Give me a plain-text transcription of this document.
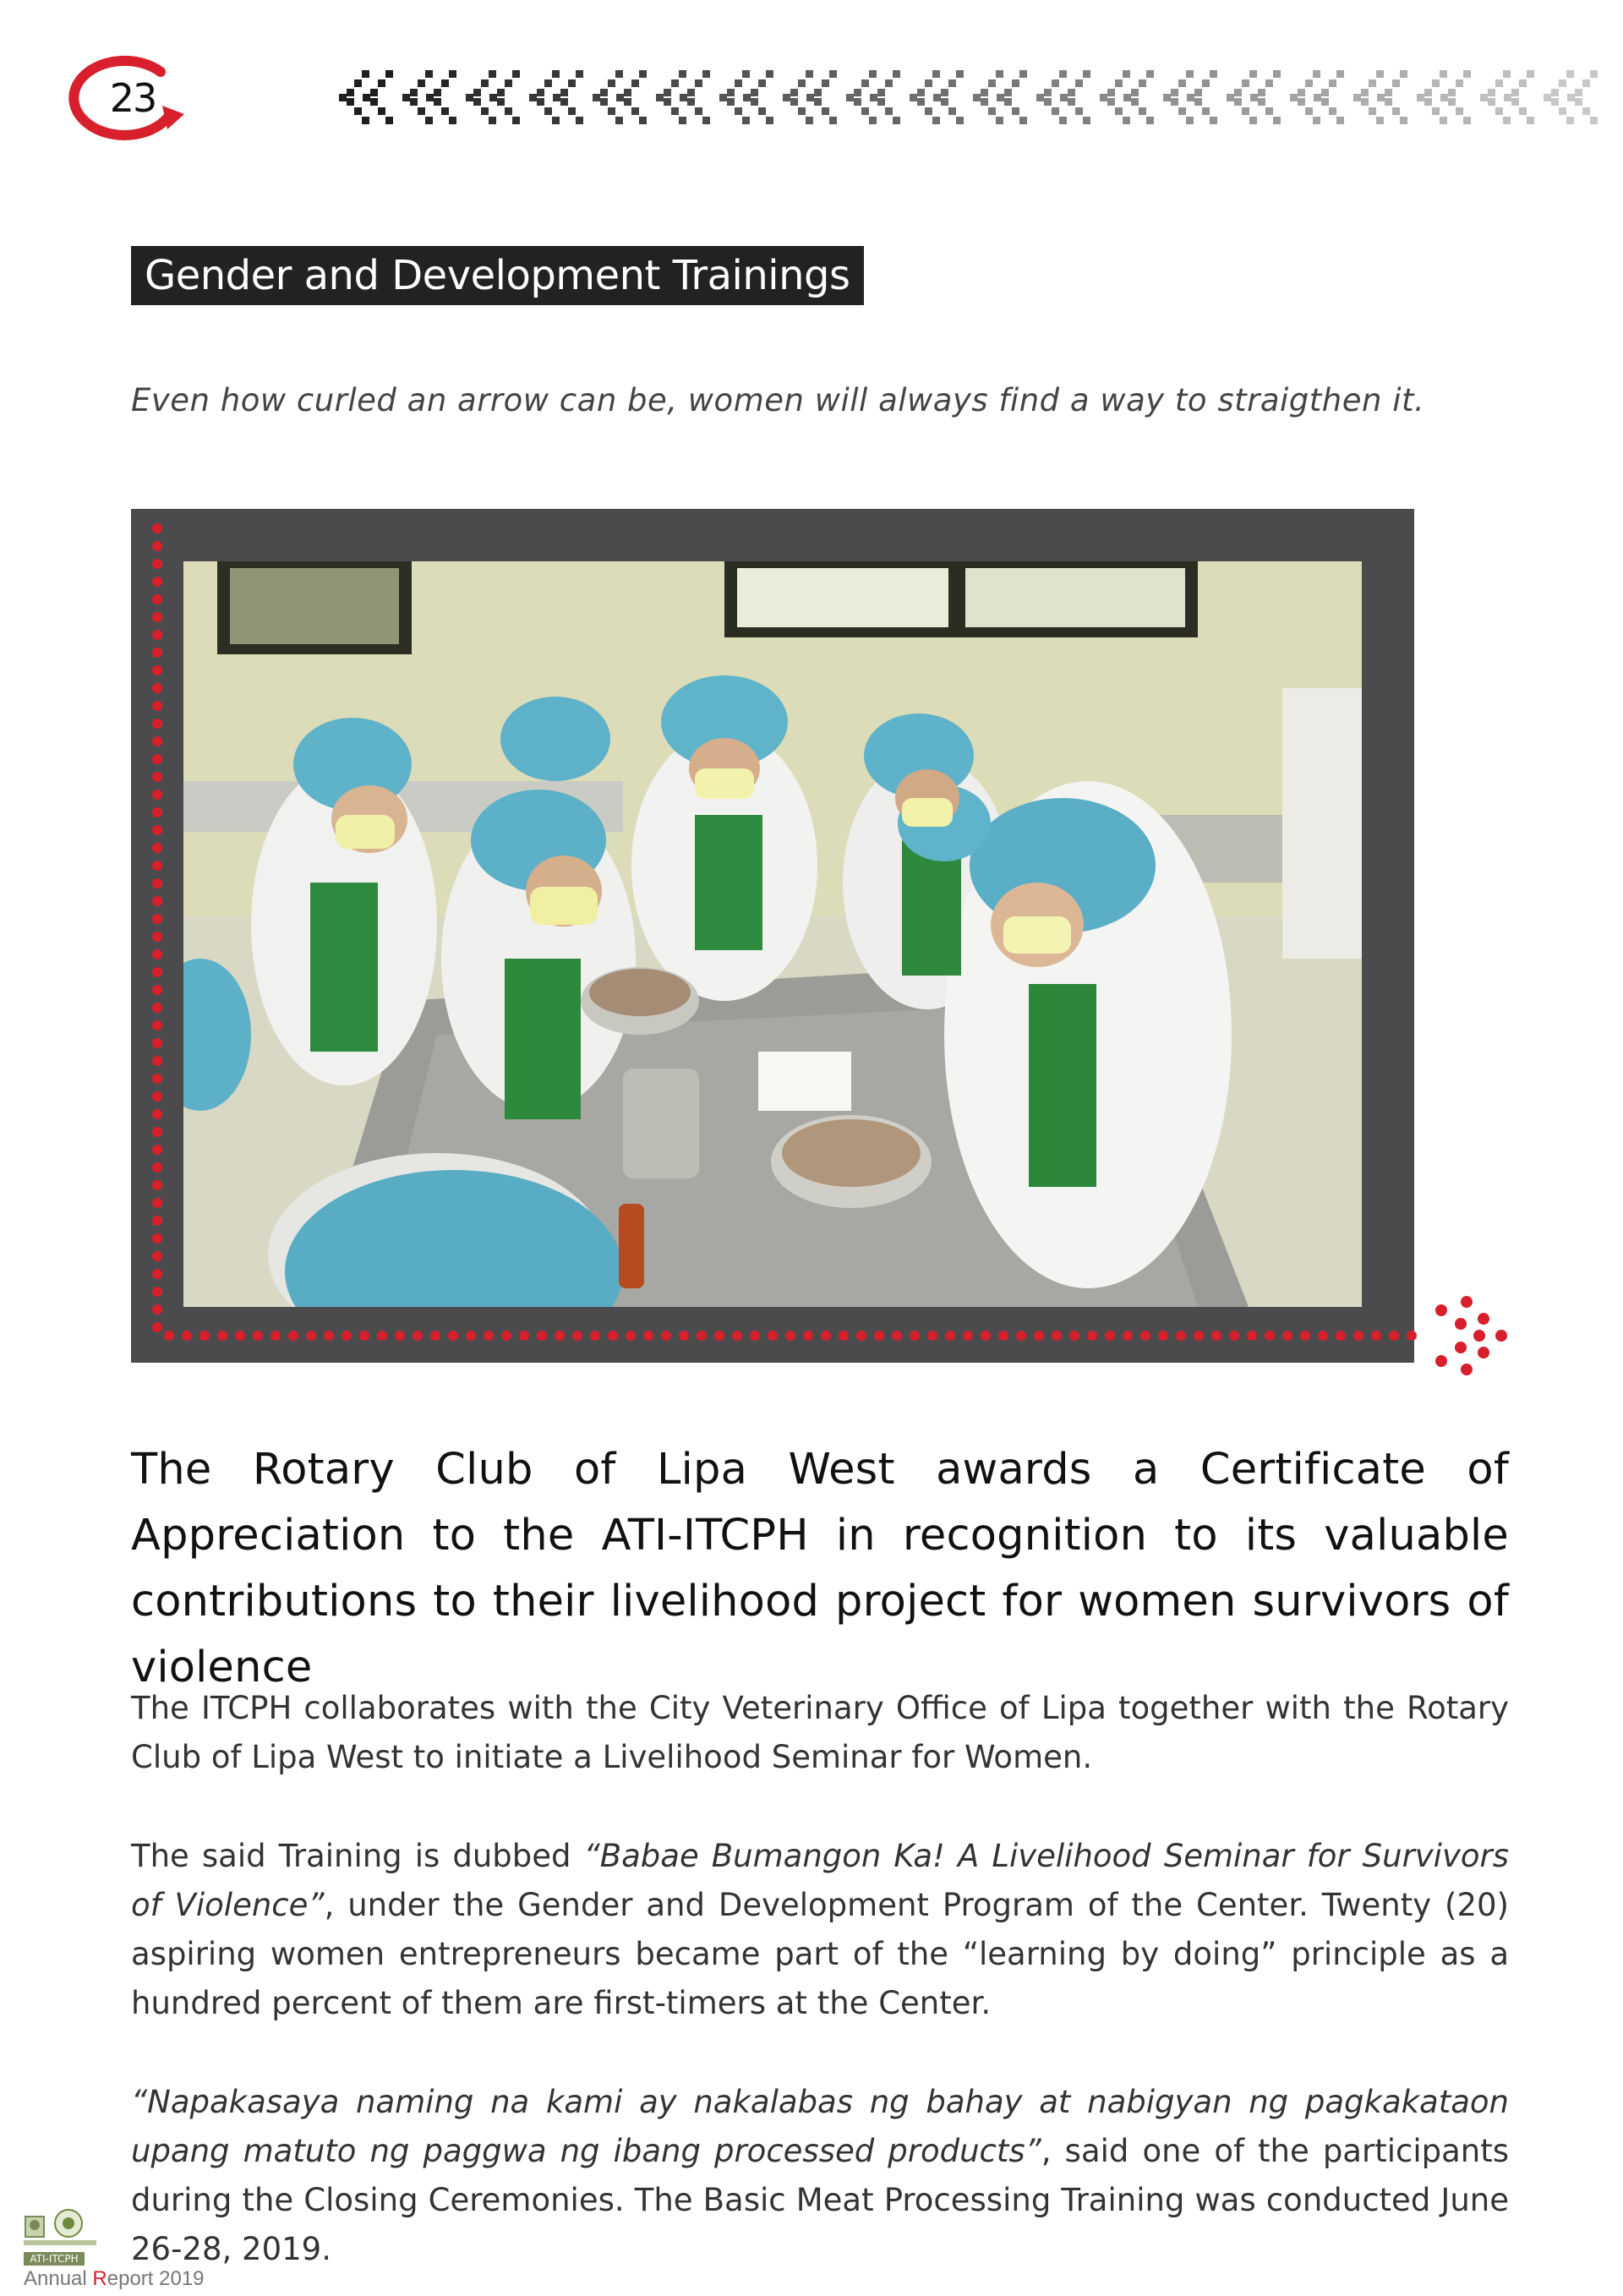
23
Gender and Development Trainings
Even how curled an arrow can be, women will always find a way to straigthen it.
The Rotary Club of Lipa West awards a Certificate of Appreciation to the ATI-ITCPH in recognition to its valuable contributions to their livelihood project for women survivors of violence

The ITCPH collaborates with the City Veterinary Office of Lipa together with the Rotary Club of Lipa West to initiate a Livelihood Seminar for Women.

The said Training is dubbed “Babae Bumangon Ka! A Livelihood Seminar for Survivors of Violence”, under the Gender and Development Program of the Center. Twenty (20) aspiring women entrepreneurs became part of the “learning by doing” principle as a hundred percent of them are first-timers at the Center.

“Napakasaya naming na kami ay nakalabas ng bahay at nabigyan ng pagkakataon upang matuto ng paggwa ng ibang processed products”, said one of the participants during the Closing Ceremonies. The Basic Meat Processing Training was conducted June 26-28, 2019.

ATI-ITCPH
Annual Report 2019
